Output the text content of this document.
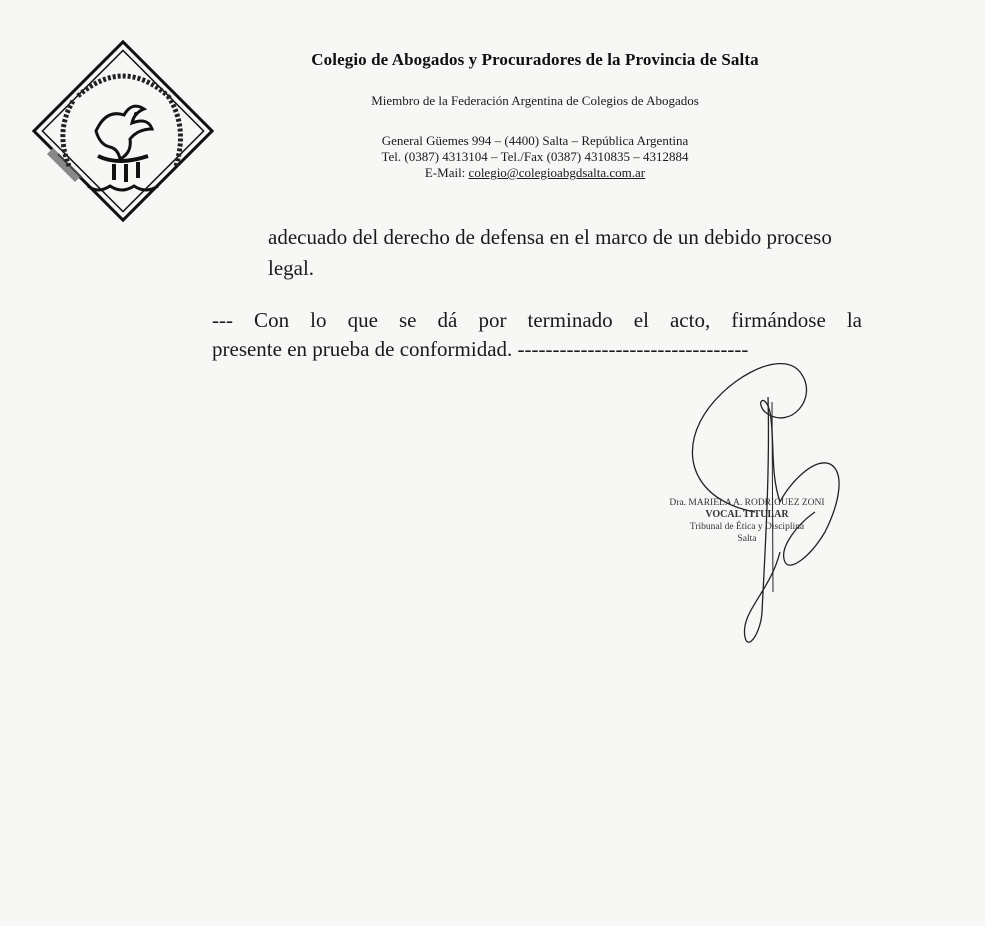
Colegio de Abogados y Procuradores de la Provincia de Salta

Miembro de la Federación Argentina de Colegios de Abogados
General Güemes 994 – (4400) Salta – República Argentina
Tel. (0387) 4313104 – Tel./Fax (0387) 4310835 – 4312884
E-Mail: colegio@colegioabgdsalta.com.ar

adecuado del derecho de defensa en el marco de un debido proceso legal.

--- Con lo que se dá por terminado el acto, firmándose la
presente en prueba de conformidad. ---------------------------------

Dra. MARIELA A. RODRIGUEZ ZONI
VOCAL TITULAR
Tribunal de Ética y Disciplina
Salta
